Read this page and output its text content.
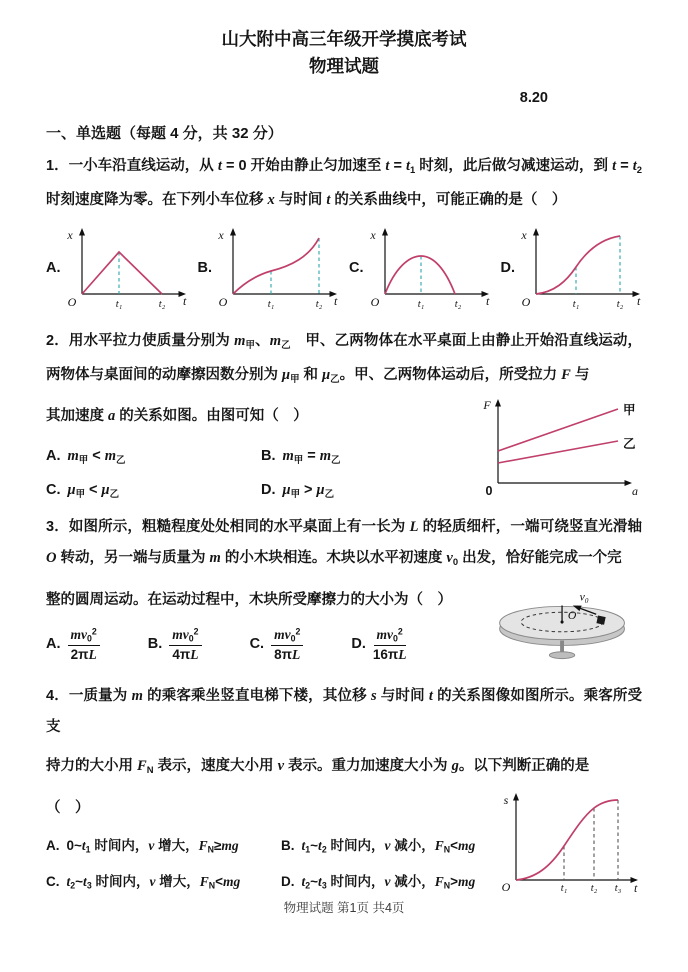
山大附中高三年级开学摸底考试
物理试题
8.20
一、单选题（每题 4 分，共 32 分）
1．一小车沿直线运动，从 t = 0 开始由静止匀加速至 $t = t_1$ 时刻，此后做匀减速运动，到 $t = t_2$ 时刻速度降为零。在下列小车位移 x 与时间 t 的关系曲线中，可能正确的是（　）
A.
x
t
O	t₁	t₂
B.
x
t
O	t₁	t₂
C.
x
t
O	t₁	t₂
D.
x
t
O	t₁	t₂
2．用水平拉力使质量分别为 $m_甲$、$m_乙$　甲、乙两物体在水平桌面上由静止开始沿直线运动，两物体与桌面间的动摩擦因数分别为 $\mu_甲$ 和 $\mu_乙$。甲、乙两物体运动后，所受拉力 F 与
其加速度 a 的关系如图。由图可知（　）
A. $m_甲 < m_乙$	B. $m_甲 = m_乙$
C. $\mu_甲 < \mu_乙$	D. $\mu_甲 > \mu_乙$
F
a
0
甲
乙
3．如图所示，粗糙程度处处相同的水平桌面上有一长为 L 的轻质细杆，一端可绕竖直光滑轴 O 转动，另一端与质量为 m 的小木块相连。木块以水平初速度 $v_0$ 出发，恰好能完成一个完
整的圆周运动。在运动过程中，木块所受摩擦力的大小为（　）
A. $\frac{mv_0^2}{2\pi L}$	B. $\frac{mv_0^2}{4\pi L}$	C. $\frac{mv_0^2}{8\pi L}$	D. $\frac{mv_0^2}{16\pi L}$
O
v₀
4．一质量为 m 的乘客乘坐竖直电梯下楼，其位移 s 与时间 t 的关系图像如图所示。乘客所受支
持力的大小用 $F_N$ 表示，速度大小用 v 表示。重力加速度大小为 g。以下判断正确的是
（　）
A. $0\sim t_1$ 时间内，v 增大，$F_N\ge mg$	B. $t_1\sim t_2$ 时间内，v 减小，$F_N<mg$
C. $t_2\sim t_3$ 时间内，v 增大，$F_N<mg$	D. $t_2\sim t_3$ 时间内，v 减小，$F_N>mg$
s
t
O	t₁ t₂ t₃
物理试题 第1页 共4页
